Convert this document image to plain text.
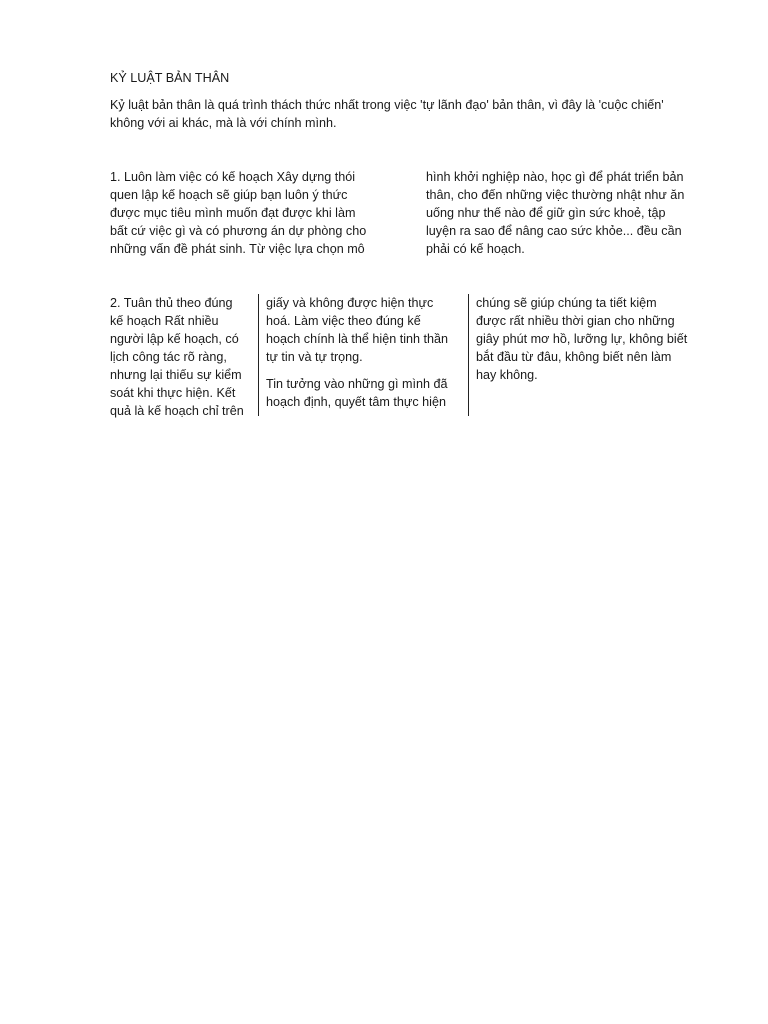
KỶ LUẬT BẢN THÂN

Kỷ luật bản thân là quá trình thách thức nhất trong việc 'tự lãnh đạo' bản thân, vì đây là 'cuộc chiến'

không với ai khác, mà là với chính mình.

1. Luôn làm việc có kế hoạch Xây dựng thói
quen lập kế hoạch sẽ giúp bạn luôn ý thức
được mục tiêu mình muốn đạt được khi làm
bất cứ việc gì và có phương án dự phòng cho
những vấn đề phát sinh. Từ việc lựa chọn mô
hình khởi nghiệp nào, học gì để phát triển bản
thân, cho đến những việc thường nhật như ăn
uống như thế nào để giữ gìn sức khoẻ, tập
luyện ra sao để nâng cao sức khỏe... đều cần
phải có kế hoạch.
2. Tuân thủ theo đúng
kế hoạch Rất nhiều
người lập kế hoạch, có
lịch công tác rõ ràng,
nhưng lại thiếu sự kiểm
soát khi thực hiện. Kết
quả là kế hoạch chỉ trên
giấy và không được hiện thực
hoá. Làm việc theo đúng kế
hoạch chính là thể hiện tinh thần
tự tin và tự trọng.
Tin tưởng vào những gì mình đã
hoạch định, quyết tâm thực hiện
chúng sẽ giúp chúng ta tiết kiệm
được rất nhiều thời gian cho những
giây phút mơ hồ, lưỡng lự, không biết
bắt đầu từ đâu, không biết nên làm
hay không.
